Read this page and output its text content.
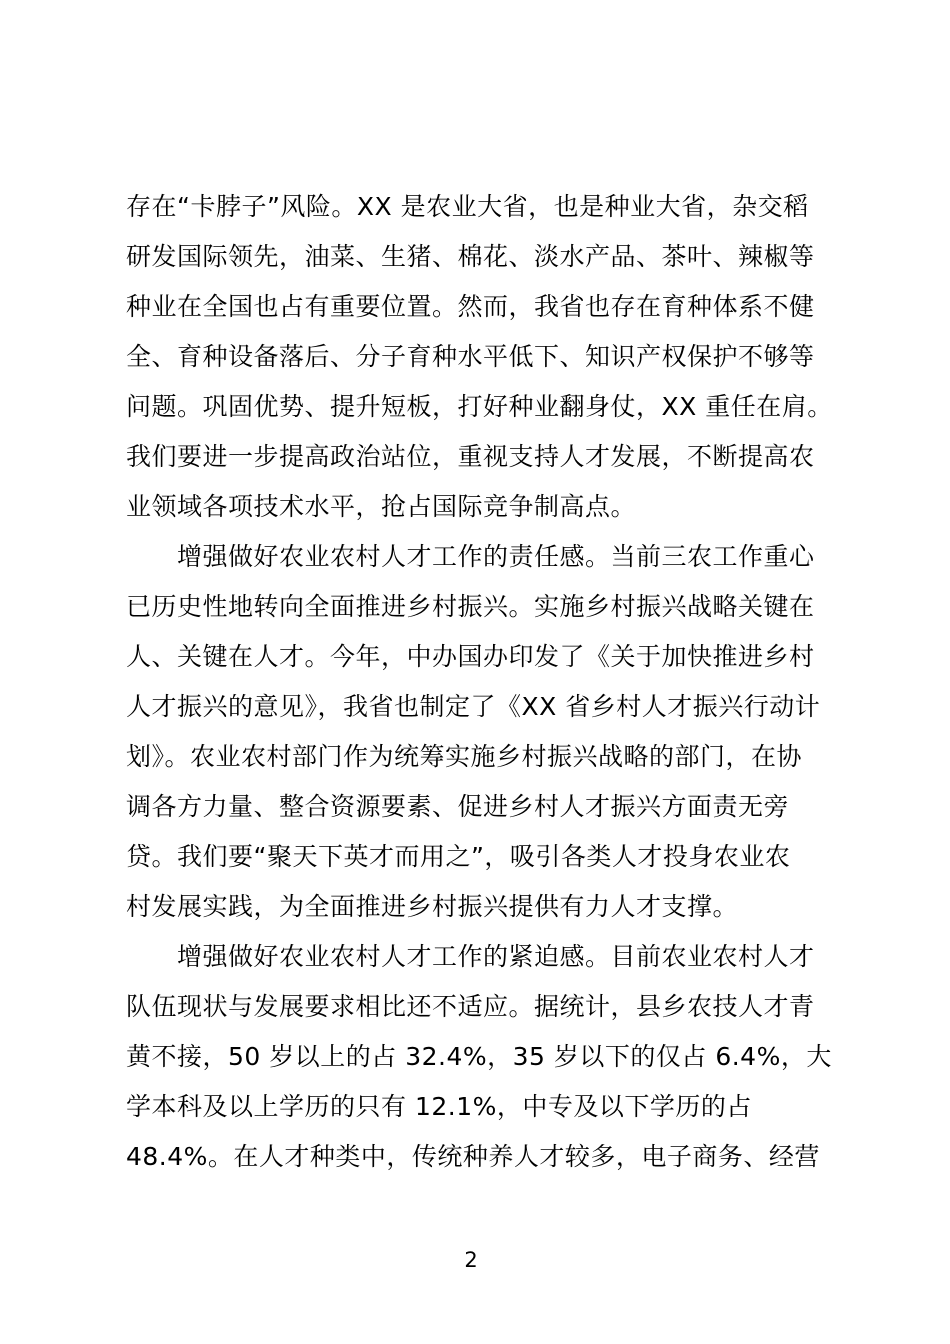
存在“卡脖子”风险。XX 是农业大省，也是种业大省，杂交稻
研发国际领先，油菜、生猪、棉花、淡水产品、茶叶、辣椒等
种业在全国也占有重要位置。然而，我省也存在育种体系不健
全、育种设备落后、分子育种水平低下、知识产权保护不够等
问题。巩固优势、提升短板，打好种业翻身仗，XX 重任在肩。
我们要进一步提高政治站位，重视支持人才发展，不断提高农
业领域各项技术水平，抢占国际竞争制高点。
　　增强做好农业农村人才工作的责任感。当前三农工作重心
已历史性地转向全面推进乡村振兴。实施乡村振兴战略关键在
人、关键在人才。今年，中办国办印发了《关于加快推进乡村
人才振兴的意见》，我省也制定了《XX 省乡村人才振兴行动计
划》。农业农村部门作为统筹实施乡村振兴战略的部门，在协
调各方力量、整合资源要素、促进乡村人才振兴方面责无旁
贷。我们要“聚天下英才而用之”，吸引各类人才投身农业农
村发展实践，为全面推进乡村振兴提供有力人才支撑。
　　增强做好农业农村人才工作的紧迫感。目前农业农村人才
队伍现状与发展要求相比还不适应。据统计，县乡农技人才青
黄不接，50 岁以上的占 32.4%，35 岁以下的仅占 6.4%，大
学本科及以上学历的只有 12.1%，中专及以下学历的占
48.4%。在人才种类中，传统种养人才较多，电子商务、经营
2
